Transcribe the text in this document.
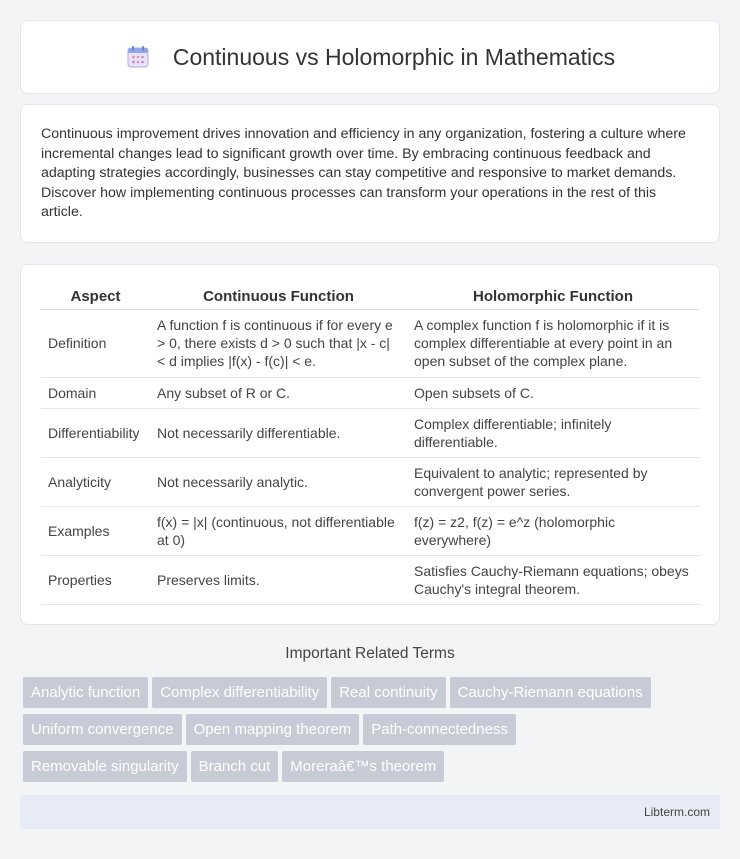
Continuous vs Holomorphic in Mathematics

Continuous improvement drives innovation and efficiency in any organization, fostering a culture where incremental changes lead to significant growth over time. By embracing continuous feedback and adapting strategies accordingly, businesses can stay competitive and responsive to market demands. Discover how implementing continuous processes can transform your operations in the rest of this article.

Aspect	Continuous Function	Holomorphic Function
Definition	A function f is continuous if for every e > 0, there exists d > 0 such that |x - c| < d implies |f(x) - f(c)| < e.	A complex function f is holomorphic if it is complex differentiable at every point in an open subset of the complex plane.
Domain	Any subset of R or C.	Open subsets of C.
Differentiability	Not necessarily differentiable.	Complex differentiable; infinitely differentiable.
Analyticity	Not necessarily analytic.	Equivalent to analytic; represented by convergent power series.
Examples	f(x) = |x| (continuous, not differentiable at 0)	f(z) = z2, f(z) = e^z (holomorphic everywhere)
Properties	Preserves limits.	Satisfies Cauchy-Riemann equations; obeys Cauchy's integral theorem.
Important Related Terms
Analytic function Complex differentiability Real continuity Cauchy-Riemann equations
Uniform convergence Open mapping theorem Path-connectedness
Removable singularity Branch cut Moreraâ€™s theorem
Libterm.com
